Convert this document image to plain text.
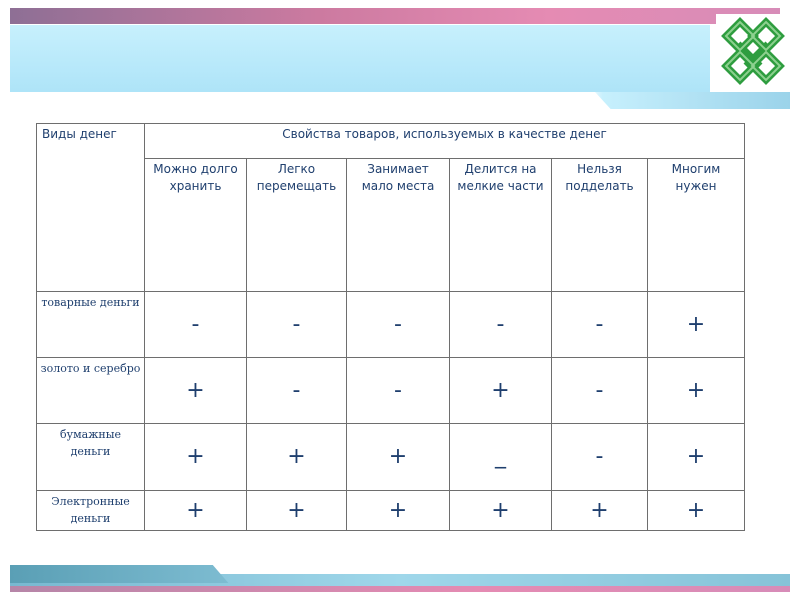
Виды денег	Свойства товаров, используемых в качестве денег					
	Можно долго хранить	Легко перемещать	Занимает мало места	Делится на мелкие части	Нельзя подделать	Многим нужен
товарные деньги	-	-	-	-	-	+
золото и серебро	+	-	-	+	-	+
бумажные деньги	+	+	+	_	-	+
Электронные деньги	+	+	+	+	+	+
